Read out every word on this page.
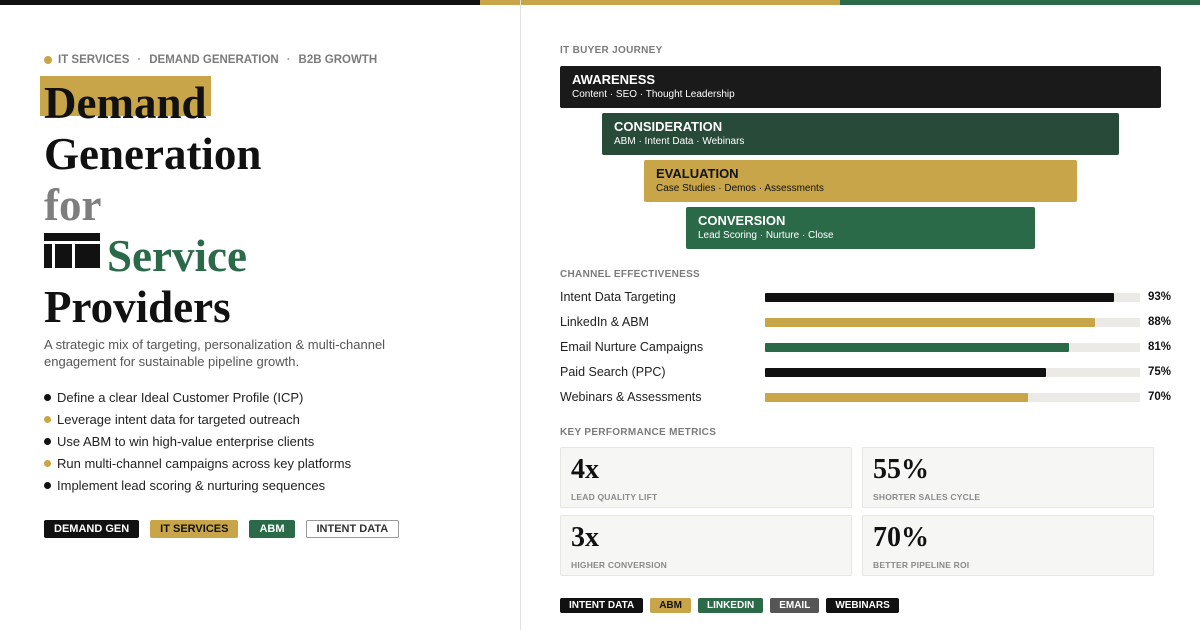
IT SERVICES · DEMAND GENERATION · B2B GROWTH
Demand
Generation
for
Service
Providers

A strategic mix of targeting, personalization & multi-channel engagement for sustainable pipeline growth.

Define a clear Ideal Customer Profile (ICP)
Leverage intent data for targeted outreach
Use ABM to win high-value enterprise clients
Run multi-channel campaigns across key platforms
Implement lead scoring & nurturing sequences
DEMAND GEN	IT SERVICES	ABM	INTENT DATA
IT BUYER JOURNEY
AWARENESS
Content · SEO · Thought Leadership
CONSIDERATION
ABM · Intent Data · Webinars
EVALUATION
Case Studies · Demos · Assessments
CONVERSION
Lead Scoring · Nurture · Close
CHANNEL EFFECTIVENESS
Intent Data Targeting	93%
LinkedIn & ABM	88%
Email Nurture Campaigns	81%
Paid Search (PPC)	75%
Webinars & Assessments	70%
KEY PERFORMANCE METRICS
4x
LEAD QUALITY LIFT
55%
SHORTER SALES CYCLE
3x
HIGHER CONVERSION
70%
BETTER PIPELINE ROI
INTENT DATA	ABM	LINKEDIN	EMAIL	WEBINARS
